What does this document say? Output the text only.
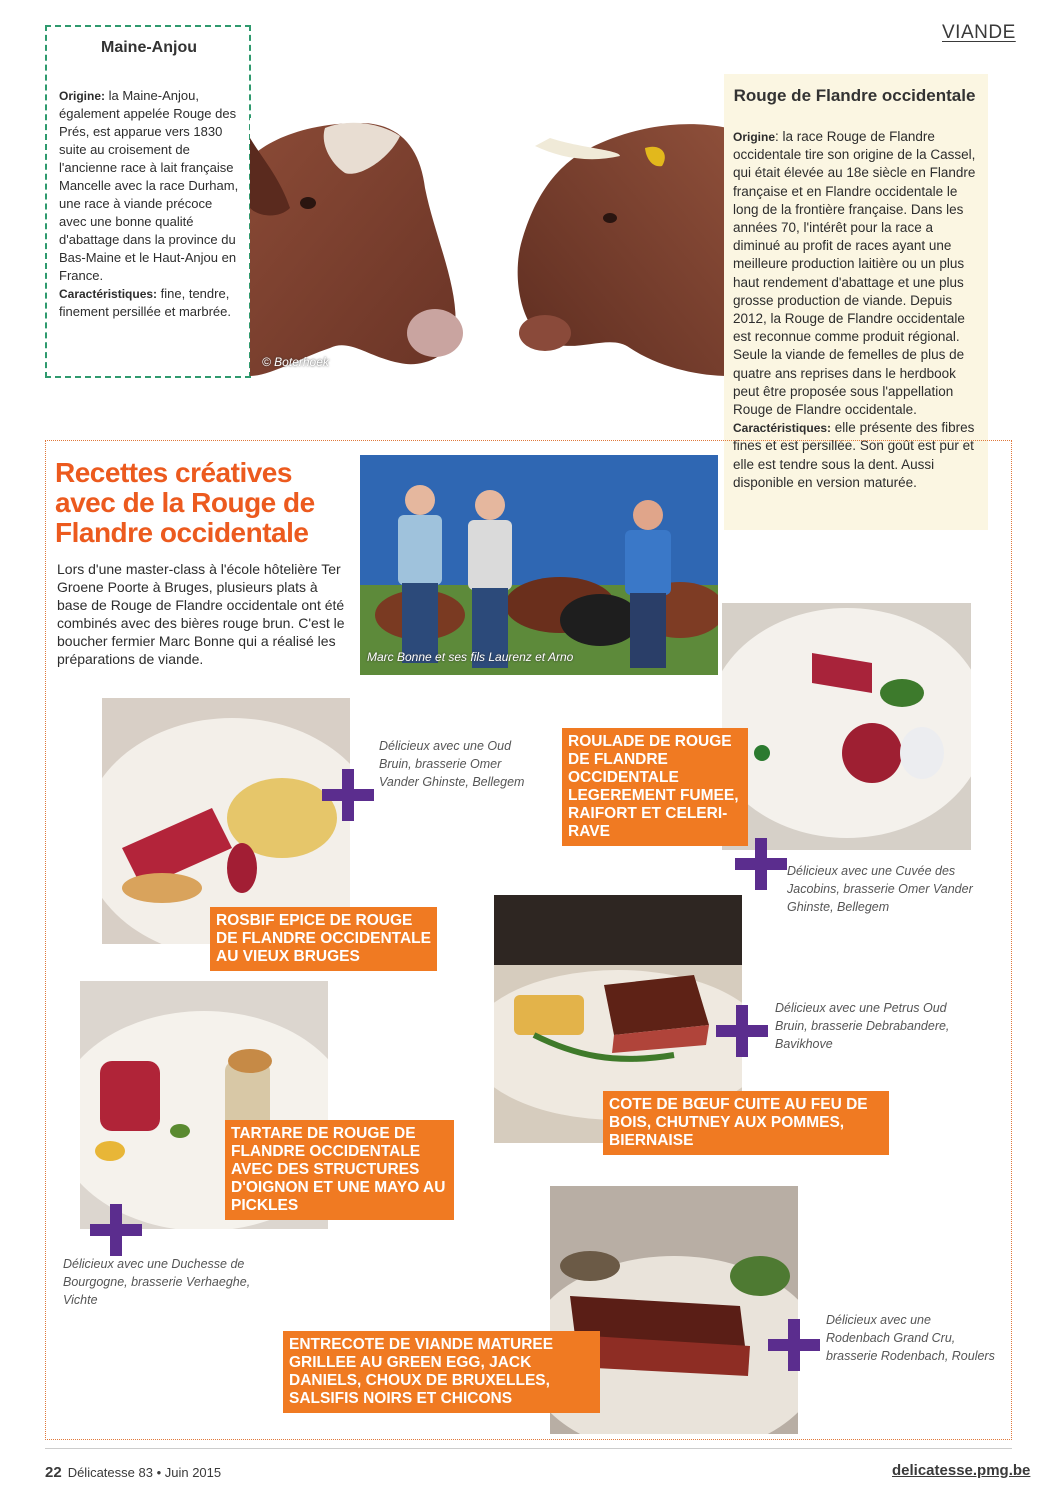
VIANDE
Maine-Anjou

Origine: la Maine-Anjou, également appelée Rouge des Prés, est apparue vers 1830 suite au croisement de l'ancienne race à lait française Mancelle avec la race Durham, une race à viande précoce avec une bonne qualité d'abattage dans la province du Bas-Maine et le Haut-Anjou en France.
Caractéristiques: fine, tendre, finement persillée et marbrée.

© Boterhoek
Rouge de Flandre occidentale

Origine: la race Rouge de Flandre occidentale tire son origine de la Cassel, qui était élevée au 18e siècle en Flandre française et en Flandre occidentale le long de la frontière française. Dans les années 70, l'intérêt pour la race a diminué au profit de races ayant une meilleure production laitière ou un plus haut rendement d'abattage et une plus grosse production de viande. Depuis 2012, la Rouge de Flandre occidentale est reconnue comme produit régional. Seule la viande de femelles de plus de quatre ans reprises dans le herdbook peut être proposée sous l'appellation Rouge de Flandre occidentale.
Caractéristiques: elle présente des fibres fines et est persillée. Son goût est pur et elle est tendre sous la dent. Aussi disponible en version maturée.

Recettes créatives avec de la Rouge de Flandre occidentale
Lors d'une master-class à l'école hôtelière Ter Groene Poorte à Bruges, plusieurs plats à base de Rouge de Flandre occidentale ont été combinés avec des bières rouge brun. C'est le boucher fermier Marc Bonne qui a réalisé les préparations de viande.	Marc Bonne et ses fils Laurenz et Arno
ROSBIF EPICE DE ROUGE DE FLANDRE OCCIDENTALE AU VIEUX BRUGES
Délicieux avec une Oud Bruin, brasserie Omer Vander Ghinste, Bellegem
ROULADE DE ROUGE DE FLANDRE OCCIDENTALE LEGEREMENT FUMEE, RAIFORT ET CELERI-RAVE
Délicieux avec une Cuvée des Jacobins, brasserie Omer Vander Ghinste, Bellegem
TARTARE DE ROUGE DE FLANDRE OCCIDENTALE AVEC DES STRUCTURES D'OIGNON ET UNE MAYO AU PICKLES
Délicieux avec une Duchesse de Bourgogne, brasserie Verhaeghe, Vichte
COTE DE BŒUF CUITE AU FEU DE BOIS, CHUTNEY AUX POMMES, BIERNAISE
Délicieux avec une Petrus Oud Bruin, brasserie Debrabandere, Bavikhove
ENTRECOTE DE VIANDE MATUREE GRILLEE AU GREEN EGG, JACK DANIELS, CHOUX DE BRUXELLES, SALSIFIS NOIRS ET CHICONS
Délicieux avec une Rodenbach Grand Cru, brasserie Rodenbach, Roulers
22 Délicatesse 83 • Juin 2015	delicatesse.pmg.be
